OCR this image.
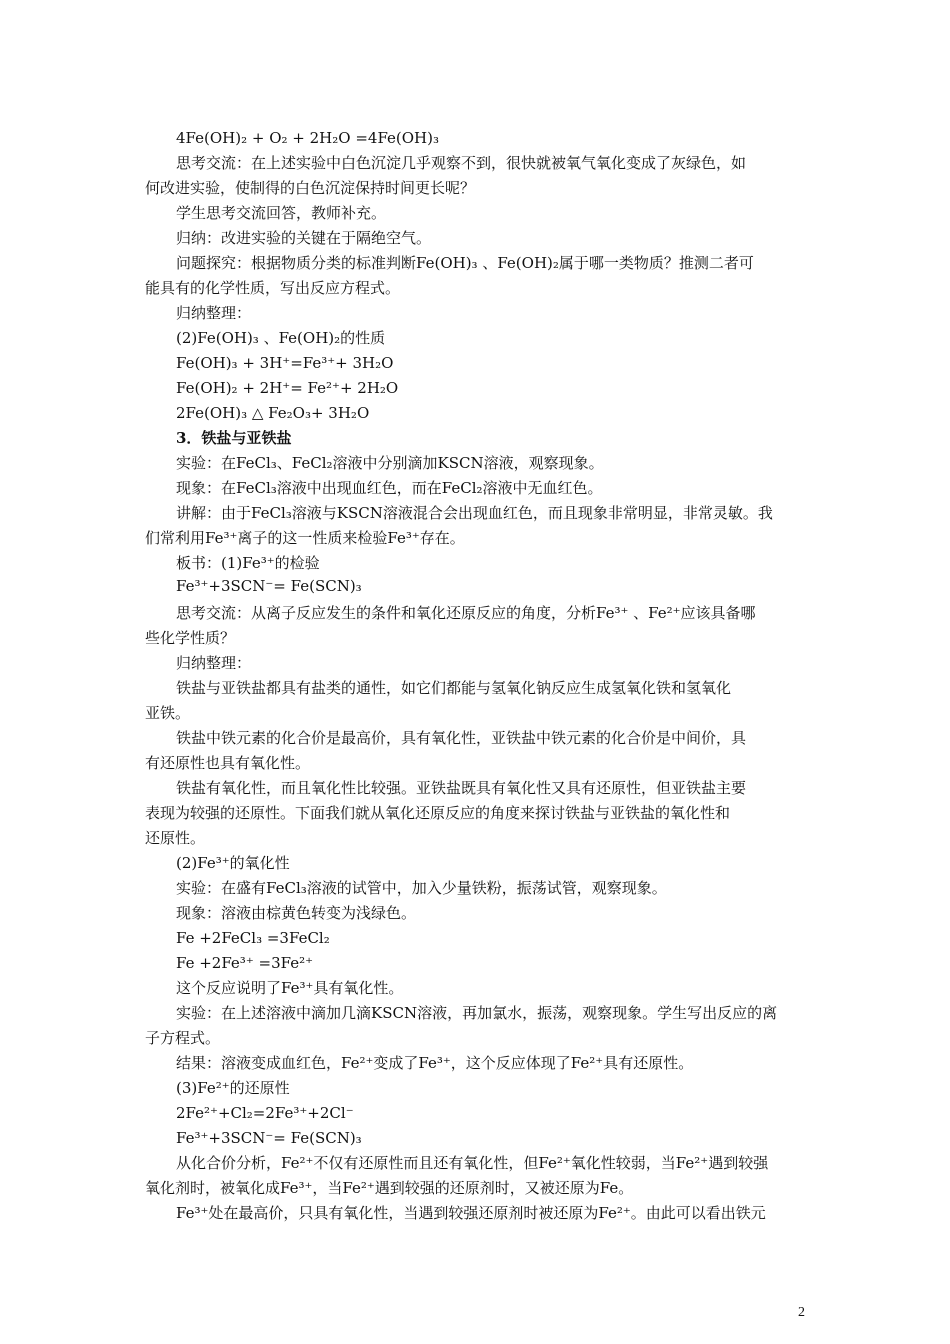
4Fe(OH)₂ + O₂ + 2H₂O =4Fe(OH)₃
思考交流：在上述实验中白色沉淀几乎观察不到，很快就被氧气氧化变成了灰绿色，如
何改进实验，使制得的白色沉淀保持时间更长呢？
学生思考交流回答，教师补充。
归纳：改进实验的关键在于隔绝空气。
问题探究：根据物质分类的标准判断Fe(OH)₃ 、Fe(OH)₂属于哪一类物质？推测二者可
能具有的化学性质，写出反应方程式。
归纳整理：
(2)Fe(OH)₃ 、Fe(OH)₂的性质
Fe(OH)₃ + 3H⁺=Fe³⁺+ 3H₂O
Fe(OH)₂ + 2H⁺= Fe²⁺+ 2H₂O
2Fe(OH)₃ △ Fe₂O₃+ 3H₂O
3．铁盐与亚铁盐
实验：在FeCl₃、FeCl₂溶液中分别滴加KSCN溶液，观察现象。
现象：在FeCl₃溶液中出现血红色，而在FeCl₂溶液中无血红色。
讲解：由于FeCl₃溶液与KSCN溶液混合会出现血红色，而且现象非常明显，非常灵敏。我
们常利用Fe³⁺离子的这一性质来检验Fe³⁺存在。
板书：(1)Fe³⁺的检验
Fe³⁺+3SCN⁻= Fe(SCN)₃
思考交流：从离子反应发生的条件和氧化还原反应的角度，分析Fe³⁺ 、Fe²⁺应该具备哪
些化学性质？
归纳整理：
铁盐与亚铁盐都具有盐类的通性，如它们都能与氢氧化钠反应生成氢氧化铁和氢氧化
亚铁。
铁盐中铁元素的化合价是最高价，具有氧化性，亚铁盐中铁元素的化合价是中间价，具
有还原性也具有氧化性。
铁盐有氧化性，而且氧化性比较强。亚铁盐既具有氧化性又具有还原性，但亚铁盐主要
表现为较强的还原性。下面我们就从氧化还原反应的角度来探讨铁盐与亚铁盐的氧化性和
还原性。
(2)Fe³⁺的氧化性
实验：在盛有FeCl₃溶液的试管中，加入少量铁粉，振荡试管，观察现象。
现象：溶液由棕黄色转变为浅绿色。
Fe +2FeCl₃ =3FeCl₂
Fe +2Fe³⁺ =3Fe²⁺
这个反应说明了Fe³⁺具有氧化性。
实验：在上述溶液中滴加几滴KSCN溶液，再加氯水，振荡，观察现象。学生写出反应的离
子方程式。
结果：溶液变成血红色，Fe²⁺变成了Fe³⁺，这个反应体现了Fe²⁺具有还原性。
(3)Fe²⁺的还原性
2Fe²⁺+Cl₂=2Fe³⁺+2Cl⁻
Fe³⁺+3SCN⁻= Fe(SCN)₃
从化合价分析，Fe²⁺不仅有还原性而且还有氧化性，但Fe²⁺氧化性较弱，当Fe²⁺遇到较强
氧化剂时，被氧化成Fe³⁺，当Fe²⁺遇到较强的还原剂时，又被还原为Fe。
Fe³⁺处在最高价，只具有氧化性，当遇到较强还原剂时被还原为Fe²⁺。由此可以看出铁元
2
